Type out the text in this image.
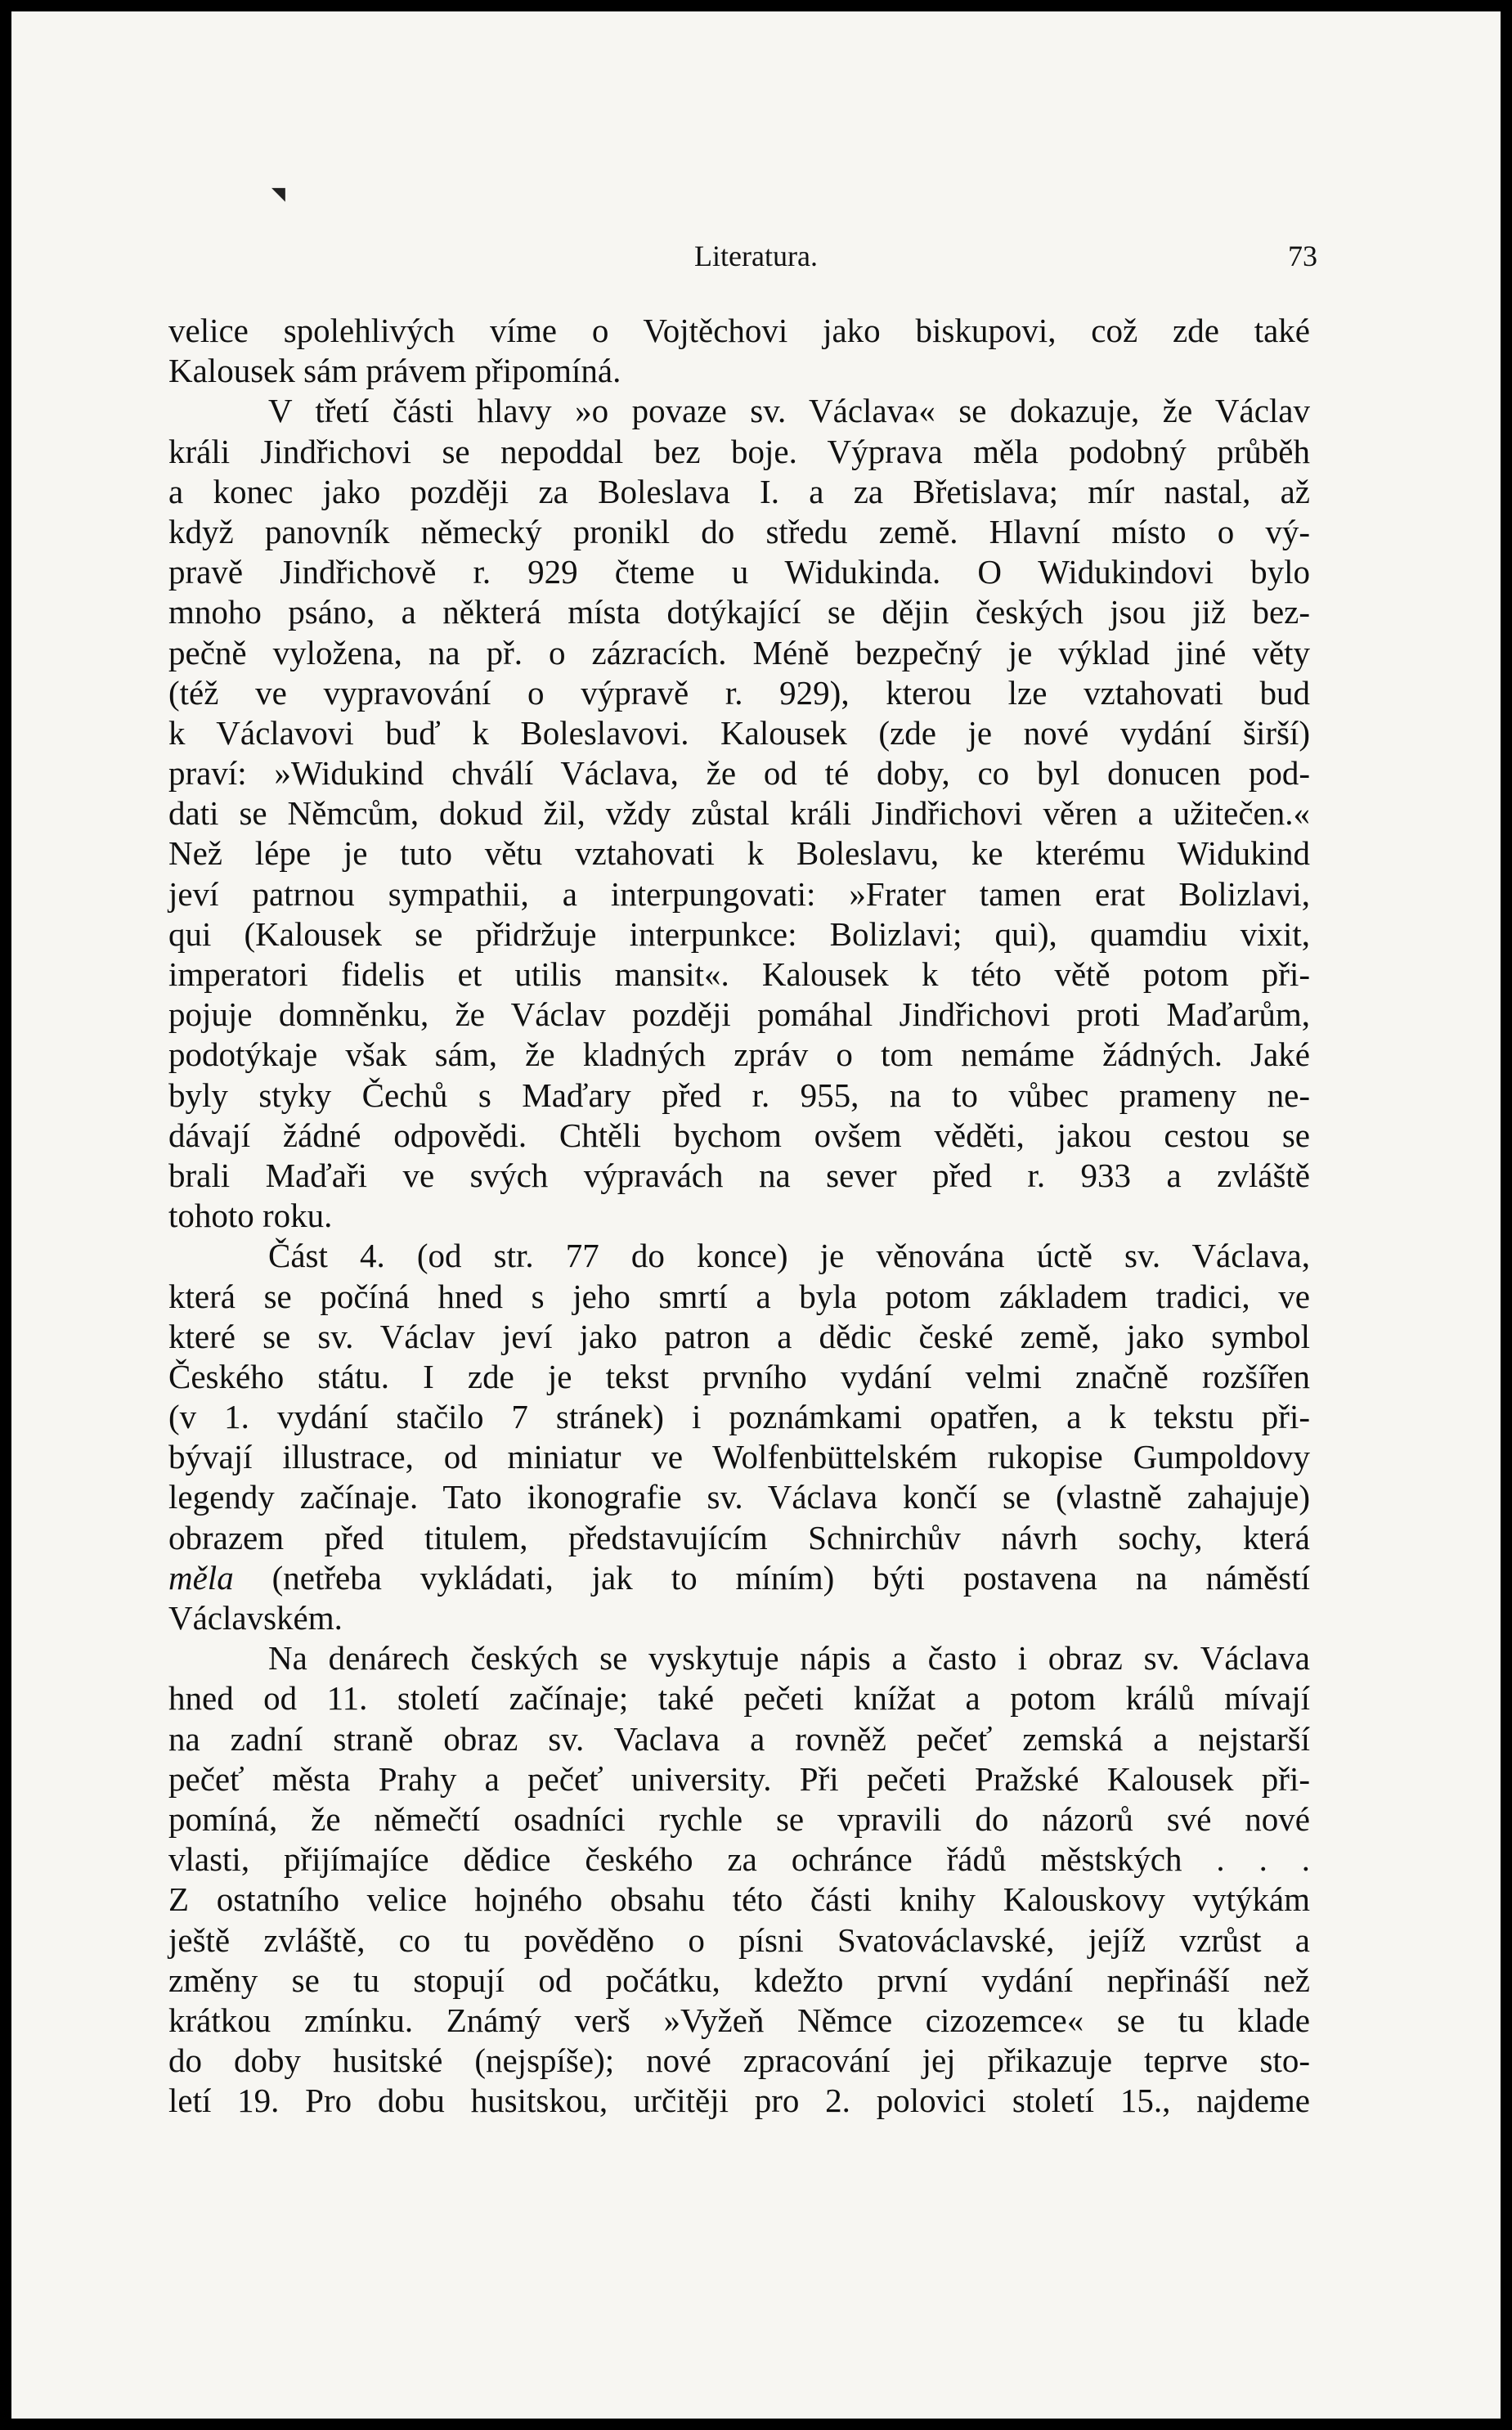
◥
Literatura.	73
velice spolehlivých víme o Vojtěchovi jako biskupovi, což zde také
Kalousek sám právem připomíná.
V třetí části hlavy »o povaze sv. Václava« se dokazuje, že Václav
králi Jindřichovi se nepoddal bez boje. Výprava měla podobný průběh
a konec jako později za Boleslava I. a za Břetislava; mír nastal, až
když panovník německý pronikl do středu země. Hlavní místo o vý-
pravě Jindřichově r. 929 čteme u Widukinda. O Widukindovi bylo
mnoho psáno, a některá místa dotýkající se dějin českých jsou již bez-
pečně vyložena, na př. o zázracích. Méně bezpečný je výklad jiné věty
(též ve vypravování o výpravě r. 929), kterou lze vztahovati bud
k Václavovi buď k Boleslavovi. Kalousek (zde je nové vydání širší)
praví: »Widukind chválí Václava, že od té doby, co byl donucen pod-
dati se Němcům, dokud žil, vždy zůstal králi Jindřichovi věren a užitečen.«
Než lépe je tuto větu vztahovati k Boleslavu, ke kterému Widukind
jeví patrnou sympathii, a interpungovati: »Frater tamen erat Bolizlavi,
qui (Kalousek se přidržuje interpunkce: Bolizlavi; qui), quamdiu vixit,
imperatori fidelis et utilis mansit«. Kalousek k této větě potom při-
pojuje domněnku, že Václav později pomáhal Jindřichovi proti Maďarům,
podotýkaje však sám, že kladných zpráv o tom nemáme žádných. Jaké
byly styky Čechů s Maďary před r. 955, na to vůbec prameny ne-
dávají žádné odpovědi. Chtěli bychom ovšem věděti, jakou cestou se
brali Maďaři ve svých výpravách na sever před r. 933 a zvláště
tohoto roku.
Část 4. (od str. 77 do konce) je věnována úctě sv. Václava,
která se počíná hned s jeho smrtí a byla potom základem tradici, ve
které se sv. Václav jeví jako patron a dědic české země, jako symbol
Českého státu. I zde je tekst prvního vydání velmi značně rozšířen
(v 1. vydání stačilo 7 stránek) i poznámkami opatřen, a k tekstu při-
bývají illustrace, od miniatur ve Wolfenbüttelském rukopise Gumpoldovy
legendy začínaje. Tato ikonografie sv. Václava končí se (vlastně zahajuje)
obrazem před titulem, představujícím Schnirchův návrh sochy, která
měla (netřeba vykládati, jak to míním) býti postavena na náměstí
Václavském.
Na denárech českých se vyskytuje nápis a často i obraz sv. Václava
hned od 11. století začínaje; také pečeti knížat a potom králů mívají
na zadní straně obraz sv. Vaclava a rovněž pečeť zemská a nejstarší
pečeť města Prahy a pečeť university. Při pečeti Pražské Kalousek při-
pomíná, že němečtí osadníci rychle se vpravili do názorů své nové
vlasti, přijímajíce dědice českého za ochránce řádů městských . . .
Z ostatního velice hojného obsahu této části knihy Kalouskovy vytýkám
ještě zvláště, co tu pověděno o písni Svatováclavské, jejíž vzrůst a
změny se tu stopují od počátku, kdežto první vydání nepřináší než
krátkou zmínku. Známý verš »Vyžeň Němce cizozemce« se tu klade
do doby husitské (nejspíše); nové zpracování jej přikazuje teprve sto-
letí 19. Pro dobu husitskou, určitěji pro 2. polovici století 15., najdeme
